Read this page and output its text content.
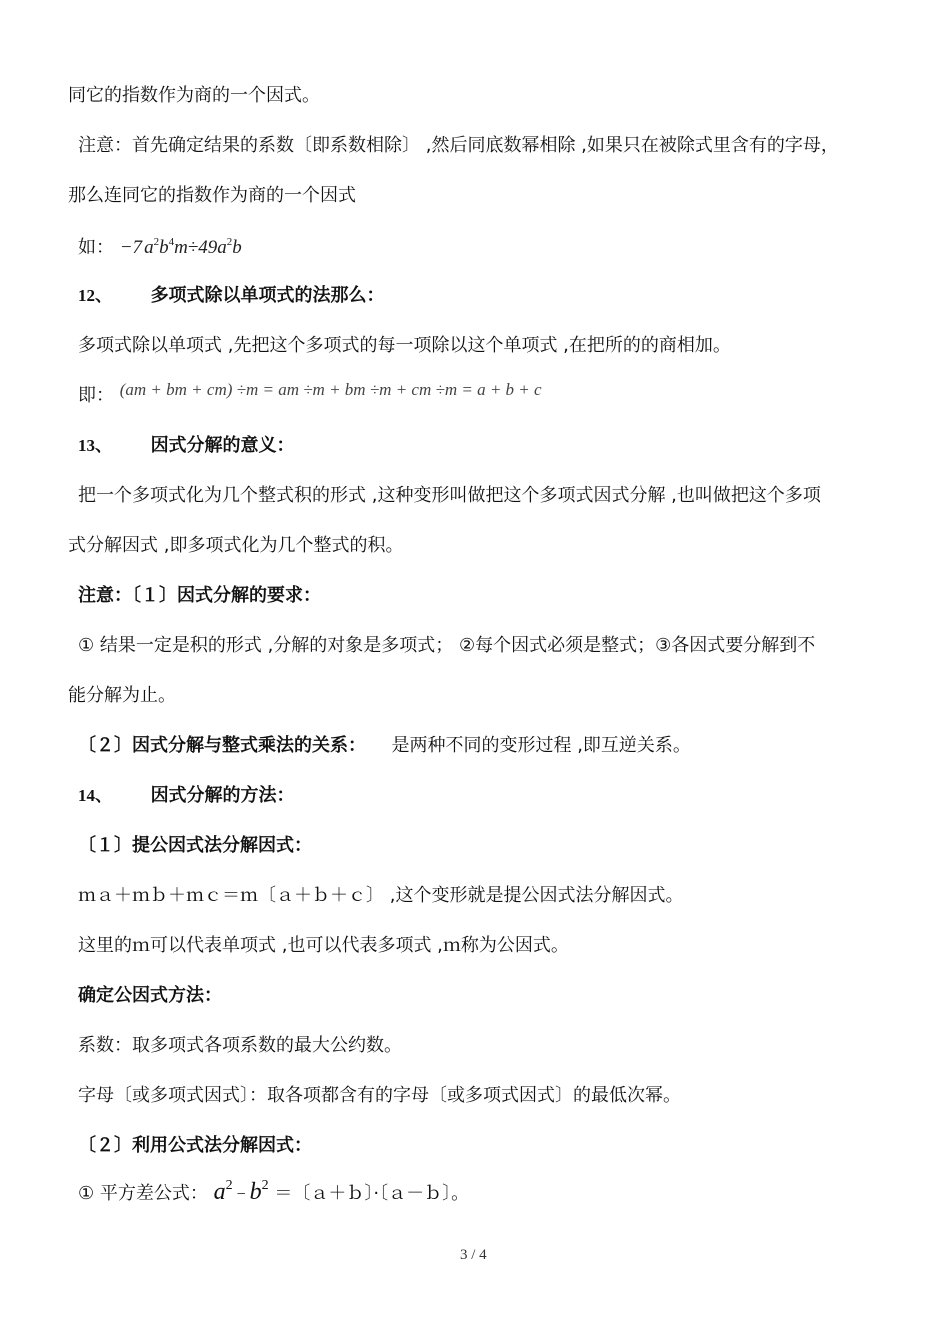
同它的指数作为商的一个因式。
注意：首先确定结果的系数〔即系数相除〕 ,然后同底数幂相除 ,如果只在被除式里含有的字母，
那么连同它的指数作为商的一个因式
如： −7 $a^2b^4m\div 49a^2b$
12、 多项式除以单项式的法那么：
多项式除以单项式 ,先把这个多项式的每一项除以这个单项式 ,在把所的的商相加。
即： (am + bm + cm) ÷m = am ÷m + bm ÷m + cm ÷m = a + b + c
13、 因式分解的意义：
把一个多项式化为几个整式积的形式 ,这种变形叫做把这个多项式因式分解 ,也叫做把这个多项
式分解因式 ,即多项式化为几个整式的积。
注意：〔１〕因式分解的要求：
① 结果一定是积的形式 ,分解的对象是多项式； ②每个因式必须是整式；③各因式要分解到不
能分解为止。
〔２〕因式分解与整式乘法的关系： 是两种不同的变形过程 ,即互逆关系。
14、 因式分解的方法：
〔１〕提公因式法分解因式：
ｍａ＋ｍｂ＋ｍｃ＝ｍ〔ａ＋ｂ＋ｃ〕 ,这个变形就是提公因式法分解因式。
这里的ｍ可以代表单项式 ,也可以代表多项式 ,ｍ称为公因式。
确定公因式方法：
系数：取多项式各项系数的最大公约数。
字母〔或多项式因式〕：取各项都含有的字母〔或多项式因式〕的最低次幂。
〔２〕利用公式法分解因式：
① 平方差公式： $a^2 - b^2$ ＝〔ａ＋ｂ〕·〔ａ－ｂ〕。
3 / 4
